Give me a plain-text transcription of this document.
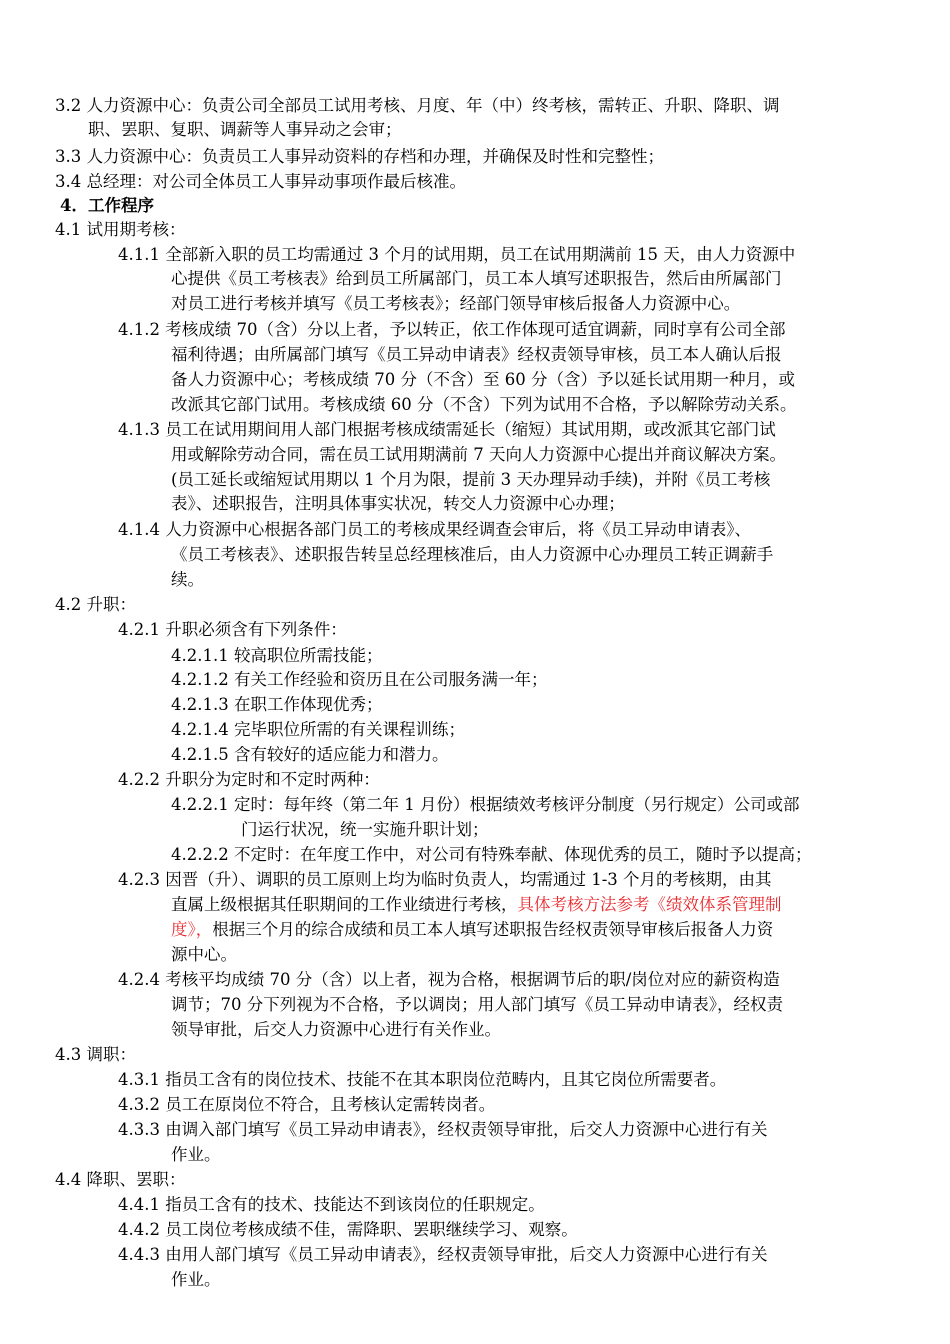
3.2 人力资源中心：负责公司全部员工试用考核、月度、年（中）终考核，需转正、升职、降职、调
职、罢职、复职、调薪等人事异动之会审；
3.3 人力资源中心：负责员工人事异动资料的存档和办理，并确保及时性和完整性；
3.4 总经理：对公司全体员工人事异动事项作最后核准。
4．工作程序
4.1 试用期考核：
4.1.1 全部新入职的员工均需通过 3 个月的试用期，员工在试用期满前 15 天，由人力资源中
心提供《员工考核表》给到员工所属部门，员工本人填写述职报告，然后由所属部门
对员工进行考核并填写《员工考核表》；经部门领导审核后报备人力资源中心。
4.1.2 考核成绩 70（含）分以上者，予以转正，依工作体现可适宜调薪，同时享有公司全部
福利待遇；由所属部门填写《员工异动申请表》经权责领导审核，员工本人确认后报
备人力资源中心；考核成绩 70 分（不含）至 60 分（含）予以延长试用期一种月，或
改派其它部门试用。考核成绩 60 分（不含）下列为试用不合格，予以解除劳动关系。
4.1.3 员工在试用期间用人部门根据考核成绩需延长（缩短）其试用期，或改派其它部门试
用或解除劳动合同，需在员工试用期满前 7 天向人力资源中心提出并商议解决方案。
(员工延长或缩短试用期以 1 个月为限，提前 3 天办理异动手续)，并附《员工考核
表》、述职报告，注明具体事实状况，转交人力资源中心办理；
4.1.4 人力资源中心根据各部门员工的考核成果经调查会审后，将《员工异动申请表》、
《员工考核表》、述职报告转呈总经理核准后，由人力资源中心办理员工转正调薪手
续。
4.2 升职：
4.2.1 升职必须含有下列条件：
4.2.1.1 较高职位所需技能；
4.2.1.2 有关工作经验和资历且在公司服务满一年；
4.2.1.3 在职工作体现优秀；
4.2.1.4 完毕职位所需的有关课程训练；
4.2.1.5 含有较好的适应能力和潜力。
4.2.2 升职分为定时和不定时两种：
4.2.2.1 定时：每年终（第二年 1 月份）根据绩效考核评分制度（另行规定）公司或部
门运行状况，统一实施升职计划；
4.2.2.2 不定时：在年度工作中，对公司有特殊奉献、体现优秀的员工，随时予以提高；
4.2.3 因晋（升）、调职的员工原则上均为临时负责人，均需通过 1-3 个月的考核期，由其
直属上级根据其任职期间的工作业绩进行考核，具体考核方法参考《绩效体系管理制
度》，根据三个月的综合成绩和员工本人填写述职报告经权责领导审核后报备人力资
源中心。
4.2.4 考核平均成绩 70 分（含）以上者，视为合格，根据调节后的职/岗位对应的薪资构造
调节；70 分下列视为不合格，予以调岗；用人部门填写《员工异动申请表》，经权责
领导审批，后交人力资源中心进行有关作业。
4.3 调职：
4.3.1 指员工含有的岗位技术、技能不在其本职岗位范畴内，且其它岗位所需要者。
4.3.2 员工在原岗位不符合，且考核认定需转岗者。
4.3.3 由调入部门填写《员工异动申请表》，经权责领导审批，后交人力资源中心进行有关
作业。
4.4 降职、罢职：
4.4.1 指员工含有的技术、技能达不到该岗位的任职规定。
4.4.2 员工岗位考核成绩不佳，需降职、罢职继续学习、观察。
4.4.3 由用人部门填写《员工异动申请表》，经权责领导审批，后交人力资源中心进行有关
作业。
